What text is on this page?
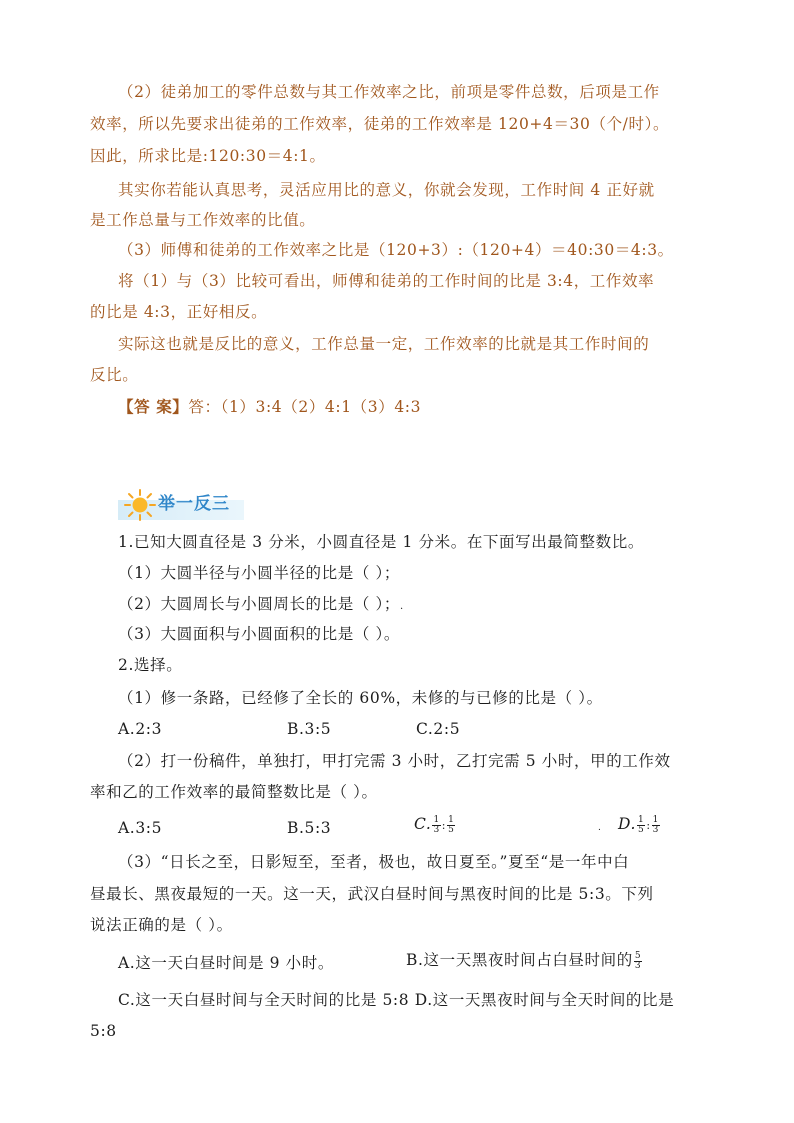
（2）徒弟加工的零件总数与其工作效率之比，前项是零件总数，后项是工作
效率，所以先要求出徒弟的工作效率，徒弟的工作效率是 120+4＝30（个/时）。
因此，所求比是:120:30＝4:1。
其实你若能认真思考，灵活应用比的意义，你就会发现，工作时间 4 正好就
是工作总量与工作效率的比值。
（3）师傅和徒弟的工作效率之比是（120+3）:（120+4）＝40:30＝4:3。
将（1）与（3）比较可看出，师傅和徒弟的工作时间的比是 3:4，工作效率
的比是 4:3，正好相反。
实际这也就是反比的意义，工作总量一定，工作效率的比就是其工作时间的
反比。
【答 案】答：（1）3:4（2）4:1（3）4:3
举一反三
1.已知大圆直径是 3 分米，小圆直径是 1 分米。在下面写出最简整数比。
（1）大圆半径与小圆半径的比是（ ）；
（2）大圆周长与小圆周长的比是（ ）；.
（3）大圆面积与小圆面积的比是（ ）。
2.选择。
（1）修一条路，已经修了全长的 60%，未修的与已修的比是（ ）。
A.2:3	B.3:5	C.2:5
（2）打一份稿件，单独打，甲打完需 3 小时，乙打完需 5 小时，甲的工作效
率和乙的工作效率的最简整数比是（ ）。
A.3:5	B.5:3	C. $\frac{1}{3}$ : $\frac{1}{5}$	. D. $\frac{1}{5}$ : $\frac{1}{3}$
（3）“日长之至，日影短至，至者，极也，故日夏至。”夏至“是一年中白
昼最长、黑夜最短的一天。这一天，武汉白昼时间与黑夜时间的比是 5:3。下列
说法正确的是（ ）。
A.这一天白昼时间是 9 小时。	B.这一天黑夜时间占白昼时间的 $\frac{5}{3}$
C.这一天白昼时间与全天时间的比是 5:8 D.这一天黑夜时间与全天时间的比是
5:8
